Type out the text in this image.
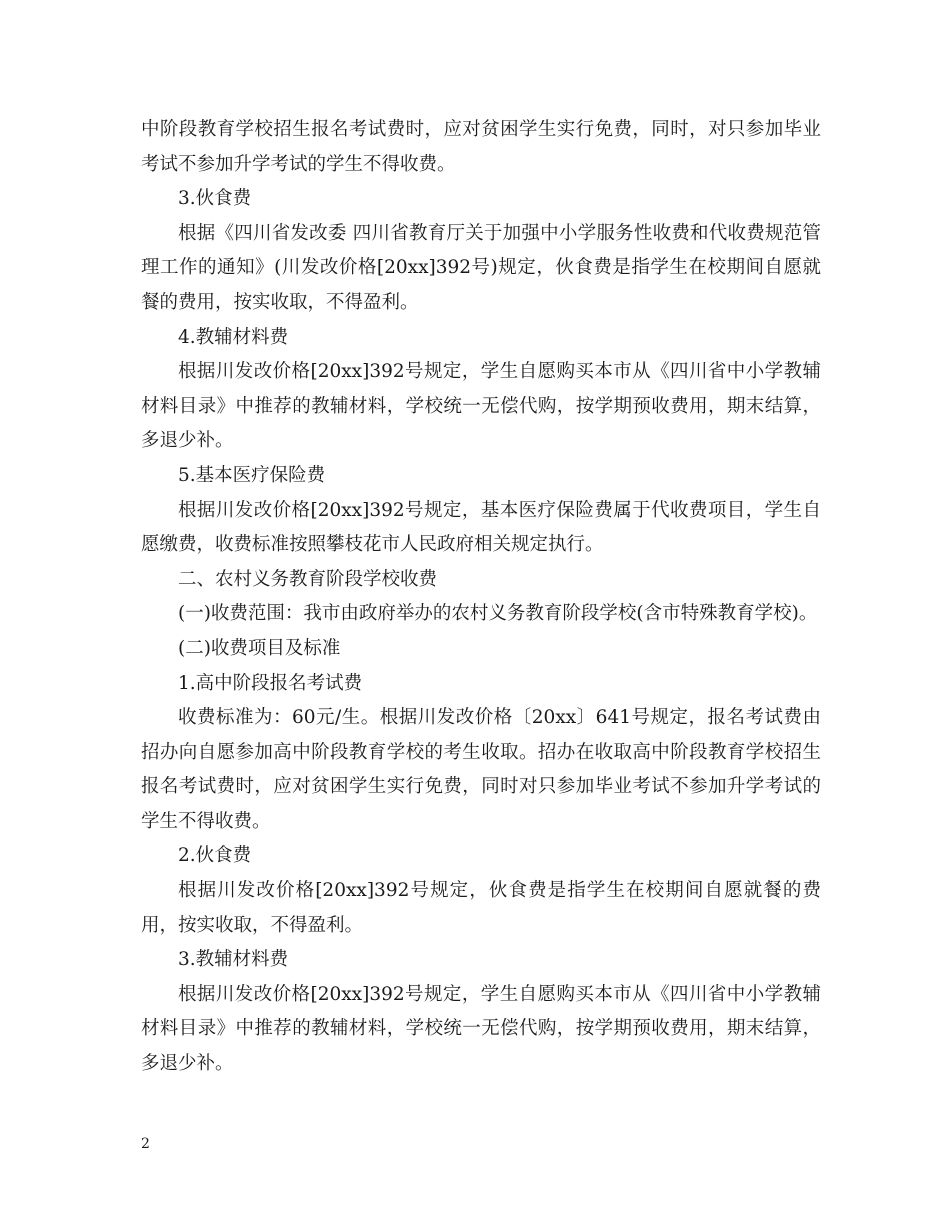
中阶段教育学校招生报名考试费时，应对贫困学生实行免费，同时，对只参加毕业考试不参加升学考试的学生不得收费。

3.伙食费

根据《四川省发改委 四川省教育厅关于加强中小学服务性收费和代收费规范管理工作的通知》(川发改价格[20xx]392号)规定，伙食费是指学生在校期间自愿就餐的费用，按实收取，不得盈利。

4.教辅材料费

根据川发改价格[20xx]392号规定，学生自愿购买本市从《四川省中小学教辅材料目录》中推荐的教辅材料，学校统一无偿代购，按学期预收费用，期末结算，多退少补。

5.基本医疗保险费

根据川发改价格[20xx]392号规定，基本医疗保险费属于代收费项目，学生自愿缴费，收费标准按照攀枝花市人民政府相关规定执行。

二、农村义务教育阶段学校收费

(一)收费范围：我市由政府举办的农村义务教育阶段学校(含市特殊教育学校)。

(二)收费项目及标准

1.高中阶段报名考试费

收费标准为：60元/生。根据川发改价格〔20xx〕641号规定，报名考试费由招办向自愿参加高中阶段教育学校的考生收取。招办在收取高中阶段教育学校招生报名考试费时，应对贫困学生实行免费，同时对只参加毕业考试不参加升学考试的学生不得收费。

2.伙食费

根据川发改价格[20xx]392号规定，伙食费是指学生在校期间自愿就餐的费用，按实收取，不得盈利。

3.教辅材料费

根据川发改价格[20xx]392号规定，学生自愿购买本市从《四川省中小学教辅材料目录》中推荐的教辅材料，学校统一无偿代购，按学期预收费用，期末结算，多退少补。

2
